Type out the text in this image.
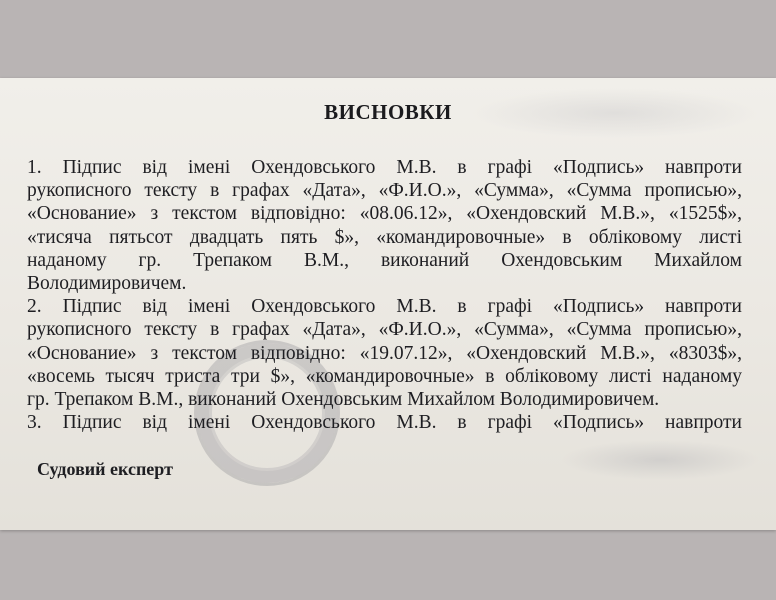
ВИСНОВКИ
1. Підпис від імені Охендовського М.В. в графі «Подпись» навпроти
рукописного тексту в графах «Дата», «Ф.И.О.», «Сумма», «Сумма прописью»,
«Основание» з текстом відповідно: «08.06.12», «Охендовский М.В.», «1525$»,
«тисяча пятьсот двадцать пять $», «командировочные» в обліковому листі
наданому гр. Трепаком В.М., виконаний Охендовським Михайлом
Володимировичем.
2. Підпис від імені Охендовського М.В. в графі «Подпись» навпроти
рукописного тексту в графах «Дата», «Ф.И.О.», «Сумма», «Сумма прописью»,
«Основание» з текстом відповідно: «19.07.12», «Охендовский М.В.», «8303$»,
«восемь тысяч триста три $», «командировочные» в обліковому листі наданому
гр. Трепаком В.М., виконаний Охендовським Михайлом Володимировичем.
3. Підпис від імені Охендовського М.В. в графі «Подпись» навпроти
Судовий експерт
